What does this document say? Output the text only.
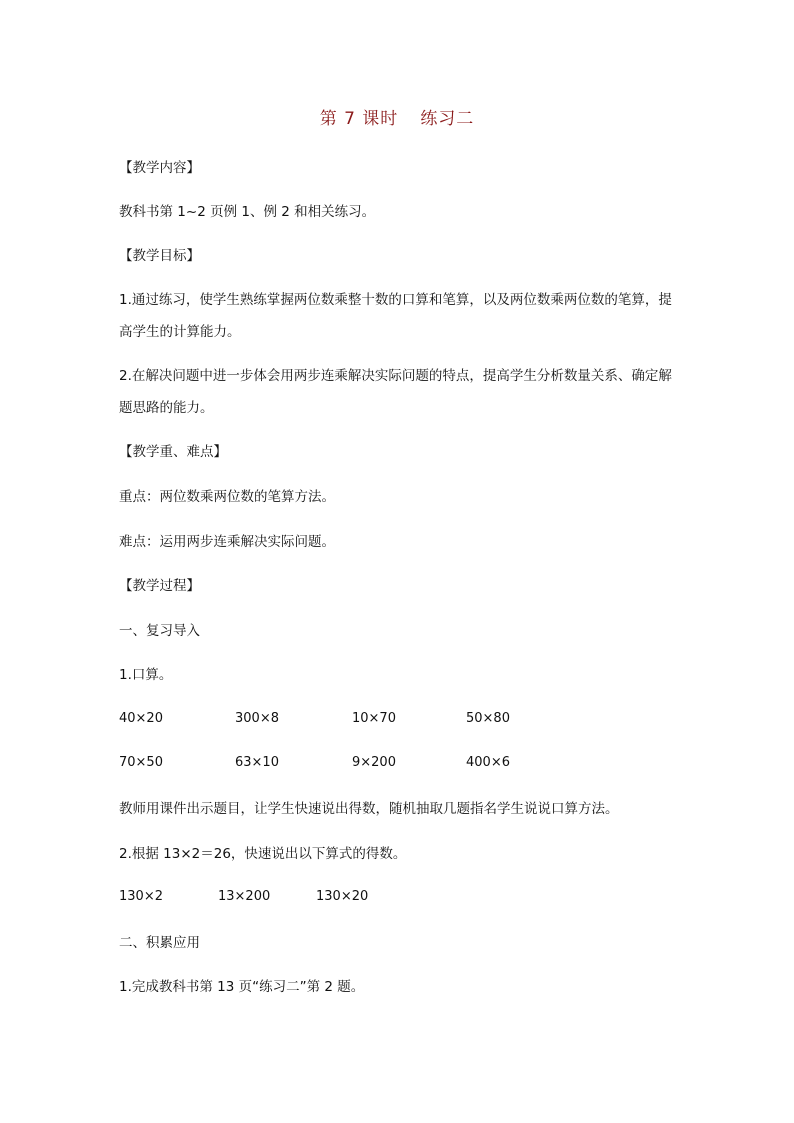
第 7 课时 练习二
【教学内容】
教科书第 1~2 页例 1、例 2 和相关练习。
【教学目标】
1.通过练习，使学生熟练掌握两位数乘整十数的口算和笔算，以及两位数乘两位数的笔算，提高学生的计算能力。
2.在解决问题中进一步体会用两步连乘解决实际问题的特点，提高学生分析数量关系、确定解题思路的能力。
【教学重、难点】
重点：两位数乘两位数的笔算方法。
难点：运用两步连乘解决实际问题。
【教学过程】
一、复习导入
1.口算。
40×20	300×8	10×70	50×80
70×50	63×10	9×200	400×6
教师用课件出示题目，让学生快速说出得数，随机抽取几题指名学生说说口算方法。
2.根据 13×2＝26，快速说出以下算式的得数。
130×2	13×200	130×20
二、积累应用
1.完成教科书第 13 页“练习二”第 2 题。
